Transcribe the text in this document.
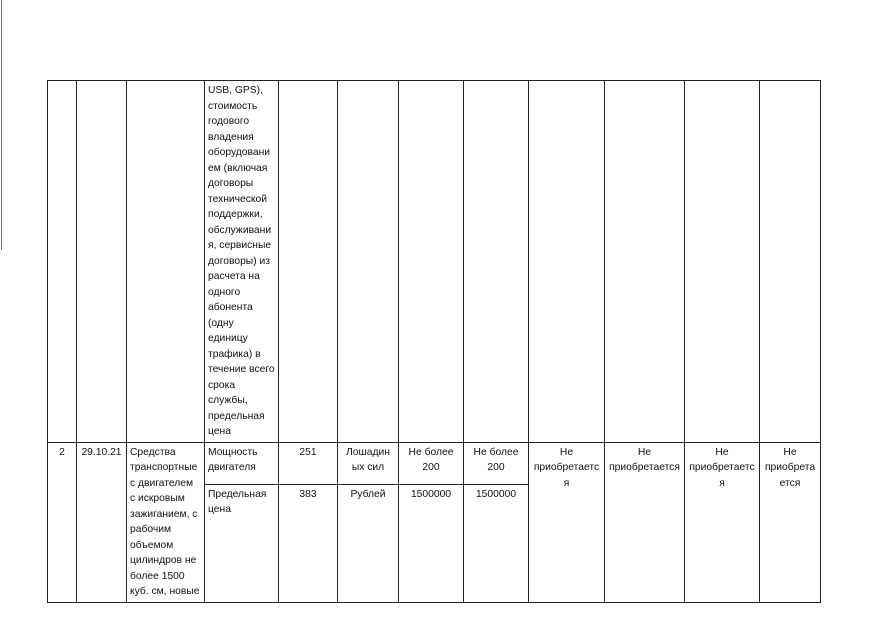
			USB, GPS), стоимость годового владения оборудовани ем (включая договоры технической поддержки, обслуживани я, сервисные договоры) из расчета на одного абонента (одну единицу трафика) в течение всего срока службы, предельная цена								
2	29.10.21	Средства транспортные с двигателем с искровым зажиганием, с рабочим объемом цилиндров не более 1500 куб. см, новые	Мощность двигателя	251	Лошадин ых сил	Не более 200	Не более 200	Не приобретаетс я	Не приобретается	Не приобретаетс я	Не приобрета ется
			Предельная цена	383	Рублей	1500000	1500000				
